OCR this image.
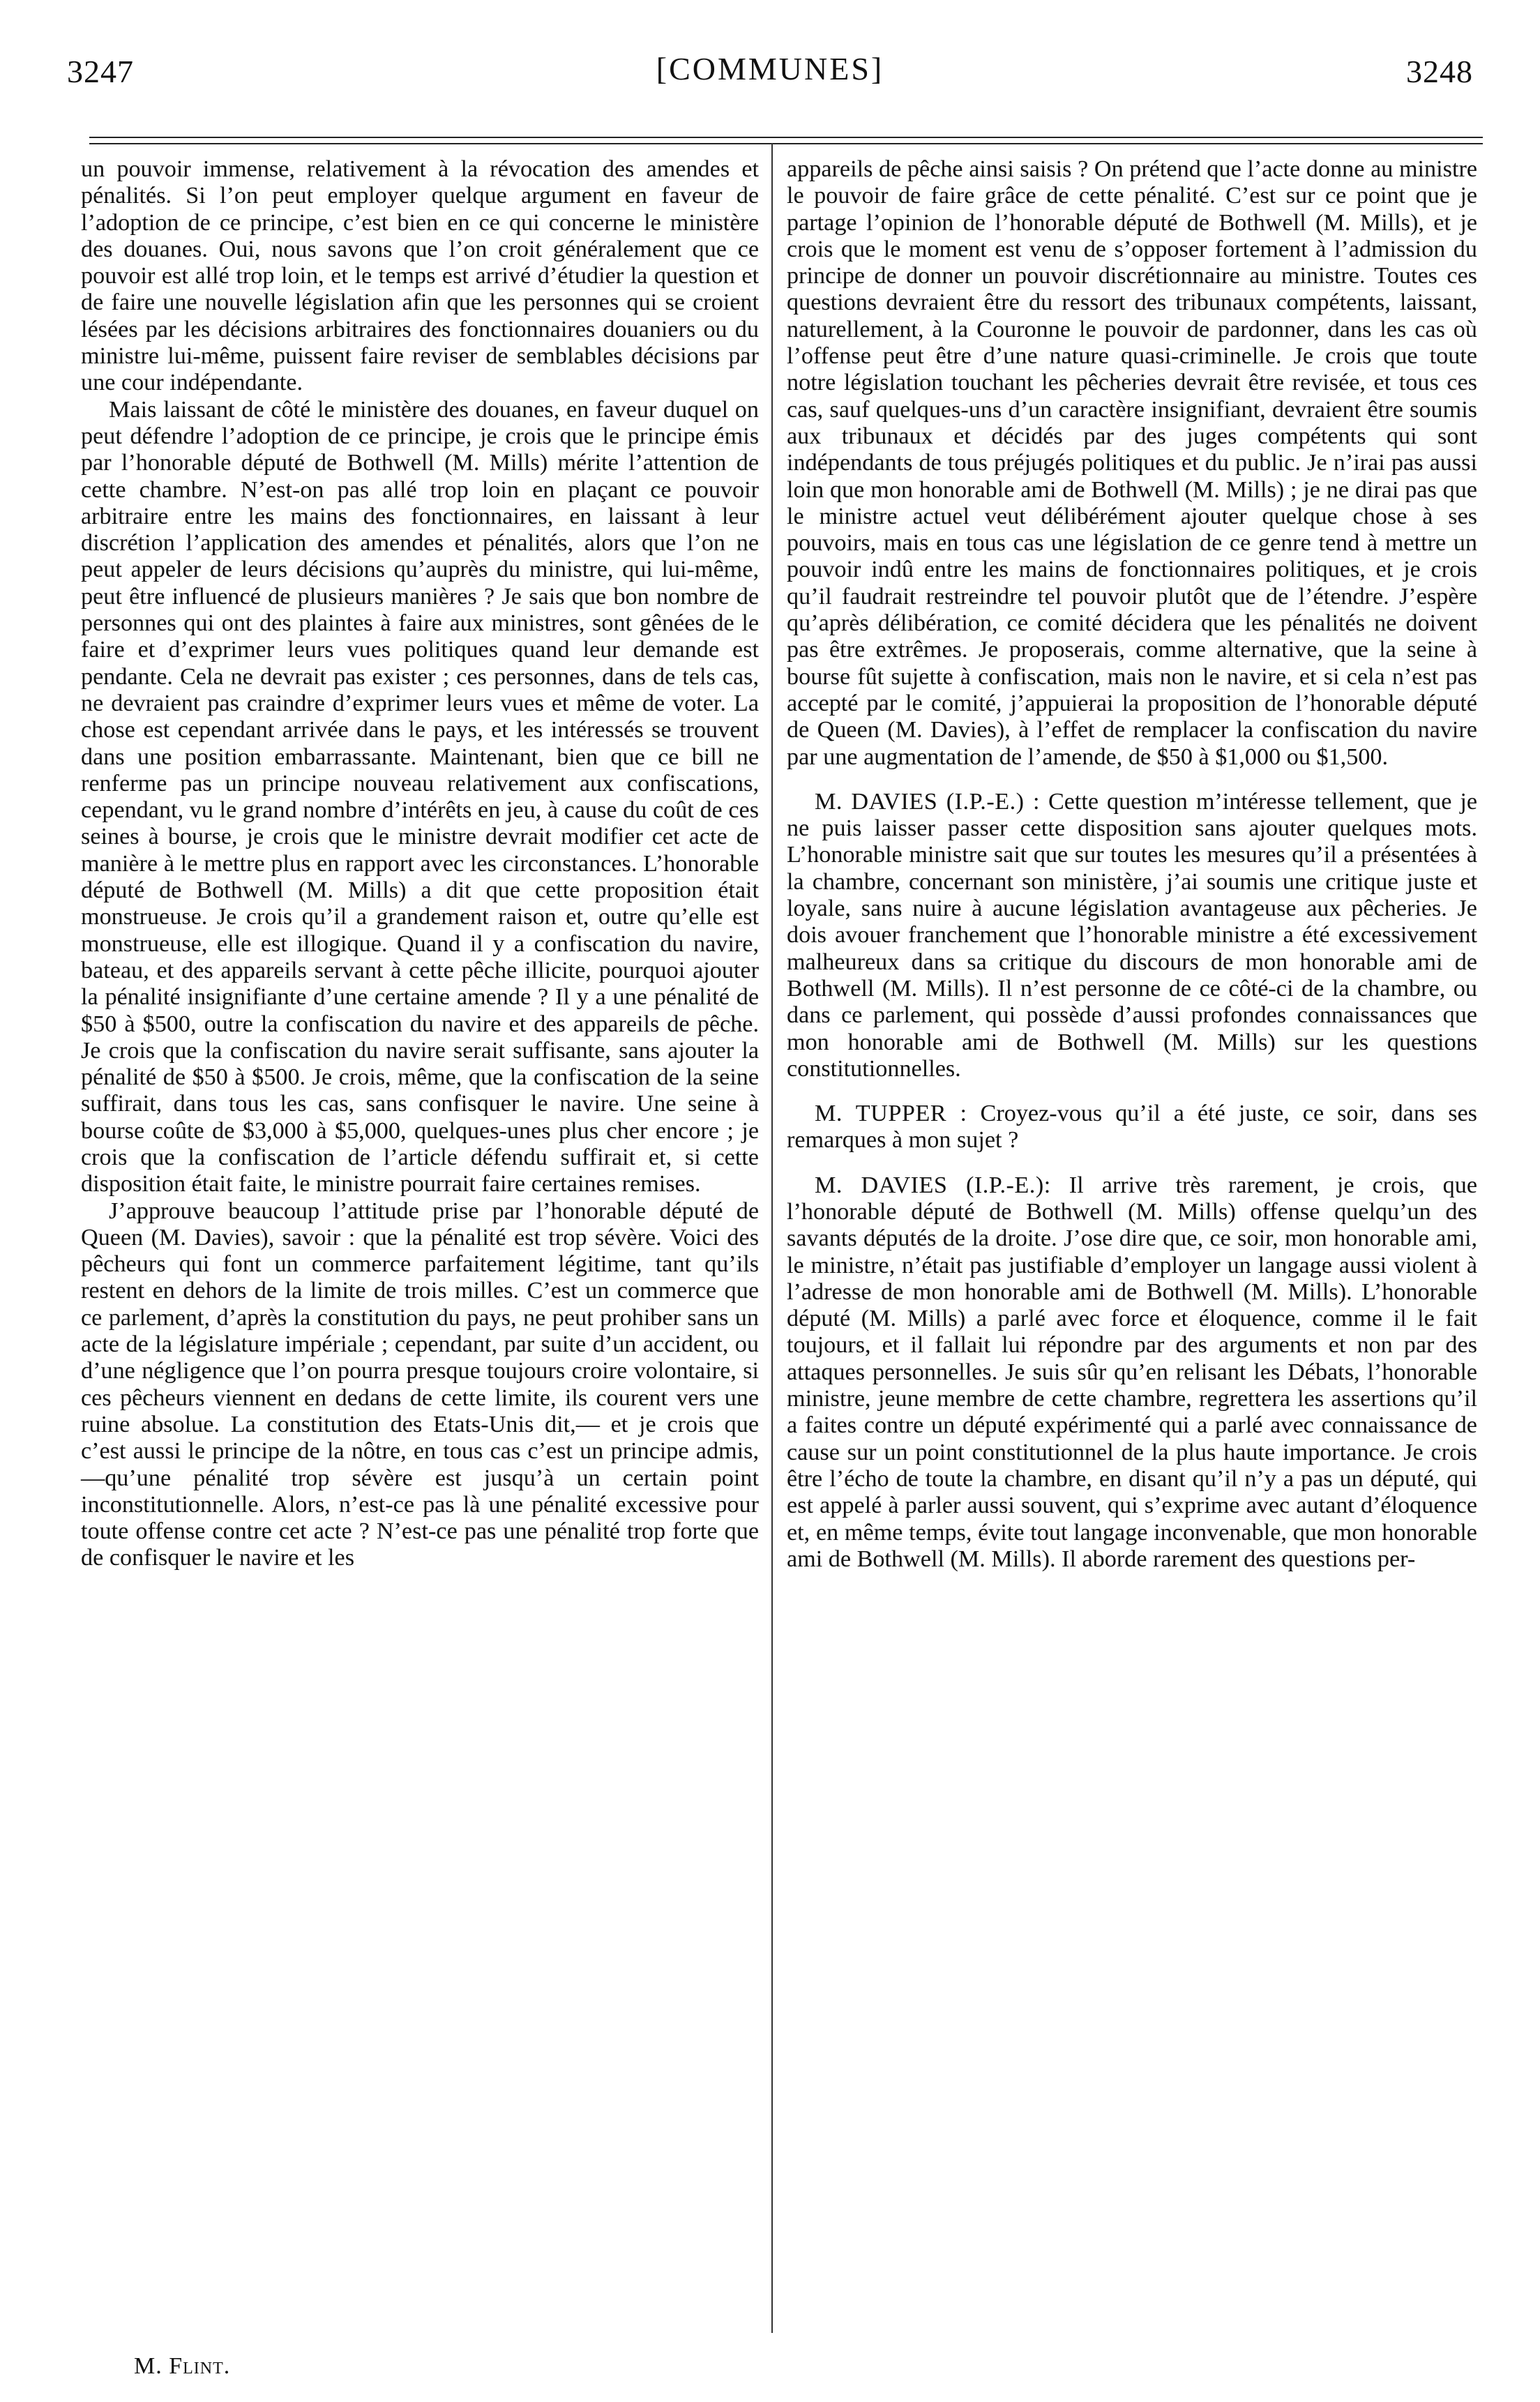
3247	[COMMUNES]	3248

un pouvoir immense, relativement à la révocation des amendes et pénalités. Si l’on peut employer quelque argument en faveur de l’adoption de ce principe, c’est bien en ce qui concerne le ministère des douanes. Oui, nous savons que l’on croit généralement que ce pouvoir est allé trop loin, et le temps est arrivé d’étudier la question et de faire une nouvelle législation afin que les personnes qui se croient lésées par les décisions arbitraires des fonctionnaires douaniers ou du ministre lui-même, puissent faire reviser de semblables décisions par une cour indépendante.

Mais laissant de côté le ministère des douanes, en faveur duquel on peut défendre l’adoption de ce principe, je crois que le principe émis par l’honorable député de Bothwell (M. Mills) mérite l’attention de cette chambre. N’est-on pas allé trop loin en plaçant ce pouvoir arbitraire entre les mains des fonctionnaires, en laissant à leur discrétion l’application des amendes et pénalités, alors que l’on ne peut appeler de leurs décisions qu’auprès du ministre, qui lui-même, peut être influencé de plusieurs manières ? Je sais que bon nombre de personnes qui ont des plaintes à faire aux ministres, sont gênées de le faire et d’exprimer leurs vues politiques quand leur demande est pendante. Cela ne devrait pas exister ; ces personnes, dans de tels cas, ne devraient pas craindre d’exprimer leurs vues et même de voter. La chose est cependant arrivée dans le pays, et les intéressés se trouvent dans une position embarrassante. Maintenant, bien que ce bill ne renferme pas un principe nouveau relativement aux confiscations, cependant, vu le grand nombre d’intérêts en jeu, à cause du coût de ces seines à bourse, je crois que le ministre devrait modifier cet acte de manière à le mettre plus en rapport avec les circonstances. L’honorable député de Bothwell (M. Mills) a dit que cette proposition était monstrueuse. Je crois qu’il a grandement raison et, outre qu’elle est monstrueuse, elle est illogique. Quand il y a confiscation du navire, bateau, et des appareils servant à cette pêche illicite, pourquoi ajouter la pénalité insignifiante d’une certaine amende ? Il y a une pénalité de $50 à $500, outre la confiscation du navire et des appareils de pêche. Je crois que la confiscation du navire serait suffisante, sans ajouter la pénalité de $50 à $500. Je crois, même, que la confiscation de la seine suffirait, dans tous les cas, sans confisquer le navire. Une seine à bourse coûte de $3,000 à $5,000, quelques-unes plus cher encore ; je crois que la confiscation de l’article défendu suffirait et, si cette disposition était faite, le ministre pourrait faire certaines remises.

J’approuve beaucoup l’attitude prise par l’honorable député de Queen (M. Davies), savoir : que la pénalité est trop sévère. Voici des pêcheurs qui font un commerce parfaitement légitime, tant qu’ils restent en dehors de la limite de trois milles. C’est un commerce que ce parlement, d’après la constitution du pays, ne peut prohiber sans un acte de la législature impériale ; cependant, par suite d’un accident, ou d’une négligence que l’on pourra presque toujours croire volontaire, si ces pêcheurs viennent en dedans de cette limite, ils courent vers une ruine absolue. La constitution des Etats-Unis dit,— et je crois que c’est aussi le principe de la nôtre, en tous cas c’est un principe admis,—qu’une pénalité trop sévère est jusqu’à un certain point inconstitutionnelle. Alors, n’est-ce pas là une pénalité excessive pour toute offense contre cet acte ? N’est-ce pas une pénalité trop forte que de confisquer le navire et les

appareils de pêche ainsi saisis ? On prétend que l’acte donne au ministre le pouvoir de faire grâce de cette pénalité. C’est sur ce point que je partage l’opinion de l’honorable député de Bothwell (M. Mills), et je crois que le moment est venu de s’opposer fortement à l’admission du principe de donner un pouvoir discrétionnaire au ministre. Toutes ces questions devraient être du ressort des tribunaux compétents, laissant, naturellement, à la Couronne le pouvoir de pardonner, dans les cas où l’offense peut être d’une nature quasi-criminelle. Je crois que toute notre législation touchant les pêcheries devrait être revisée, et tous ces cas, sauf quelques-uns d’un caractère insignifiant, devraient être soumis aux tribunaux et décidés par des juges compétents qui sont indépendants de tous préjugés politiques et du public. Je n’irai pas aussi loin que mon honorable ami de Bothwell (M. Mills) ; je ne dirai pas que le ministre actuel veut délibérément ajouter quelque chose à ses pouvoirs, mais en tous cas une législation de ce genre tend à mettre un pouvoir indû entre les mains de fonctionnaires politiques, et je crois qu’il faudrait restreindre tel pouvoir plutôt que de l’étendre. J’espère qu’après délibération, ce comité décidera que les pénalités ne doivent pas être extrêmes. Je proposerais, comme alternative, que la seine à bourse fût sujette à confiscation, mais non le navire, et si cela n’est pas accepté par le comité, j’appuierai la proposition de l’honorable député de Queen (M. Davies), à l’effet de remplacer la confiscation du navire par une augmentation de l’amende, de $50 à $1,000 ou $1,500.

M. DAVIES (I.P.-E.) : Cette question m’intéresse tellement, que je ne puis laisser passer cette disposition sans ajouter quelques mots. L’honorable ministre sait que sur toutes les mesures qu’il a présentées à la chambre, concernant son ministère, j’ai soumis une critique juste et loyale, sans nuire à aucune législation avantageuse aux pêcheries. Je dois avouer franchement que l’honorable ministre a été excessivement malheureux dans sa critique du discours de mon honorable ami de Bothwell (M. Mills). Il n’est personne de ce côté-ci de la chambre, ou dans ce parlement, qui possède d’aussi profondes connaissances que mon honorable ami de Bothwell (M. Mills) sur les questions constitutionnelles.

M. TUPPER : Croyez-vous qu’il a été juste, ce soir, dans ses remarques à mon sujet ?

M. DAVIES (I.P.-E.): Il arrive très rarement, je crois, que l’honorable député de Bothwell (M. Mills) offense quelqu’un des savants députés de la droite. J’ose dire que, ce soir, mon honorable ami, le ministre, n’était pas justifiable d’employer un langage aussi violent à l’adresse de mon honorable ami de Bothwell (M. Mills). L’honorable député (M. Mills) a parlé avec force et éloquence, comme il le fait toujours, et il fallait lui répondre par des arguments et non par des attaques personnelles. Je suis sûr qu’en relisant les Débats, l’honorable ministre, jeune membre de cette chambre, regrettera les assertions qu’il a faites contre un député expérimenté qui a parlé avec connaissance de cause sur un point constitutionnel de la plus haute importance. Je crois être l’écho de toute la chambre, en disant qu’il n’y a pas un député, qui est appelé à parler aussi souvent, qui s’exprime avec autant d’éloquence et, en même temps, évite tout langage inconvenable, que mon honorable ami de Bothwell (M. Mills). Il aborde rarement des questions per-

M. Flint.
